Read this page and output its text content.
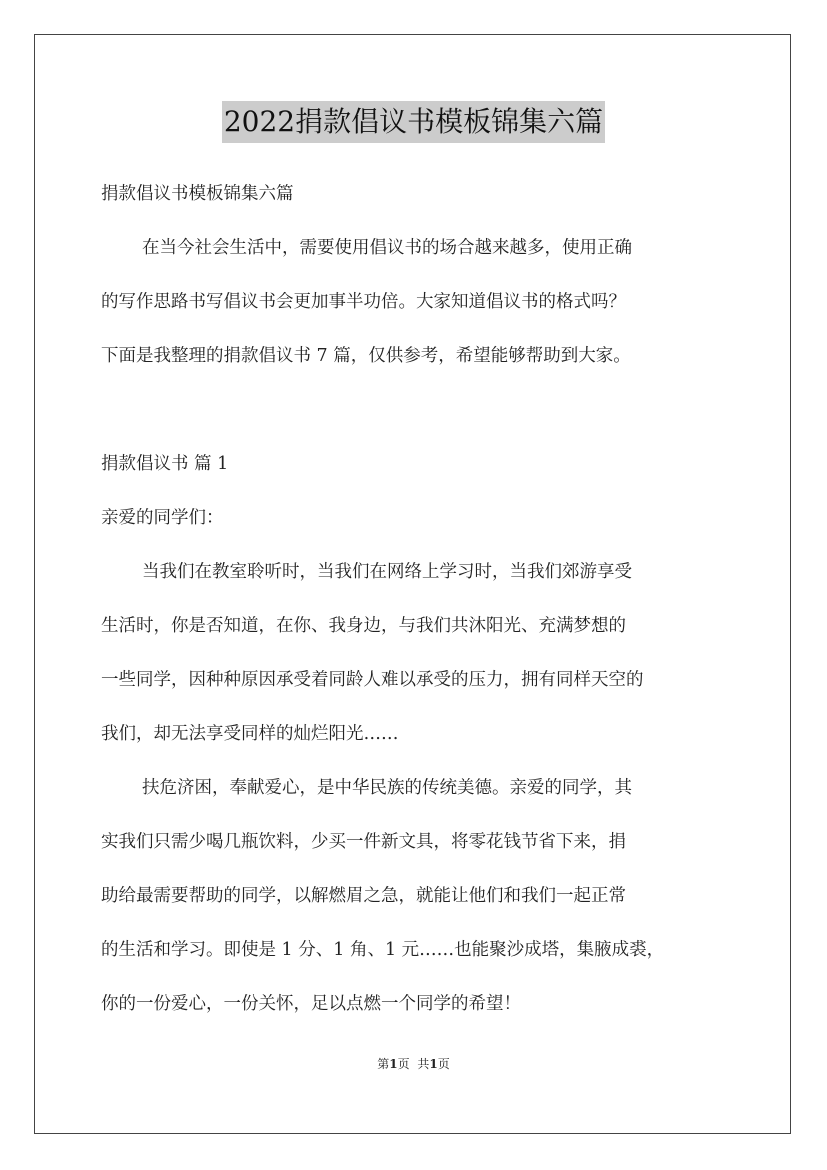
2022捐款倡议书模板锦集六篇
捐款倡议书模板锦集六篇
在当今社会生活中，需要使用倡议书的场合越来越多，使用正确
的写作思路书写倡议书会更加事半功倍。大家知道倡议书的格式吗？
下面是我整理的捐款倡议书 7 篇，仅供参考，希望能够帮助到大家。
捐款倡议书 篇 1
亲爱的同学们：
当我们在教室聆听时，当我们在网络上学习时，当我们郊游享受
生活时，你是否知道，在你、我身边，与我们共沐阳光、充满梦想的
一些同学，因种种原因承受着同龄人难以承受的压力，拥有同样天空的
我们，却无法享受同样的灿烂阳光……
扶危济困，奉献爱心，是中华民族的传统美德。亲爱的同学，其
实我们只需少喝几瓶饮料，少买一件新文具，将零花钱节省下来，捐
助给最需要帮助的同学，以解燃眉之急，就能让他们和我们一起正常
的生活和学习。即使是 1 分、1 角、1 元……也能聚沙成塔，集腋成裘，
你的一份爱心，一份关怀，足以点燃一个同学的希望！
第1页 共1页
